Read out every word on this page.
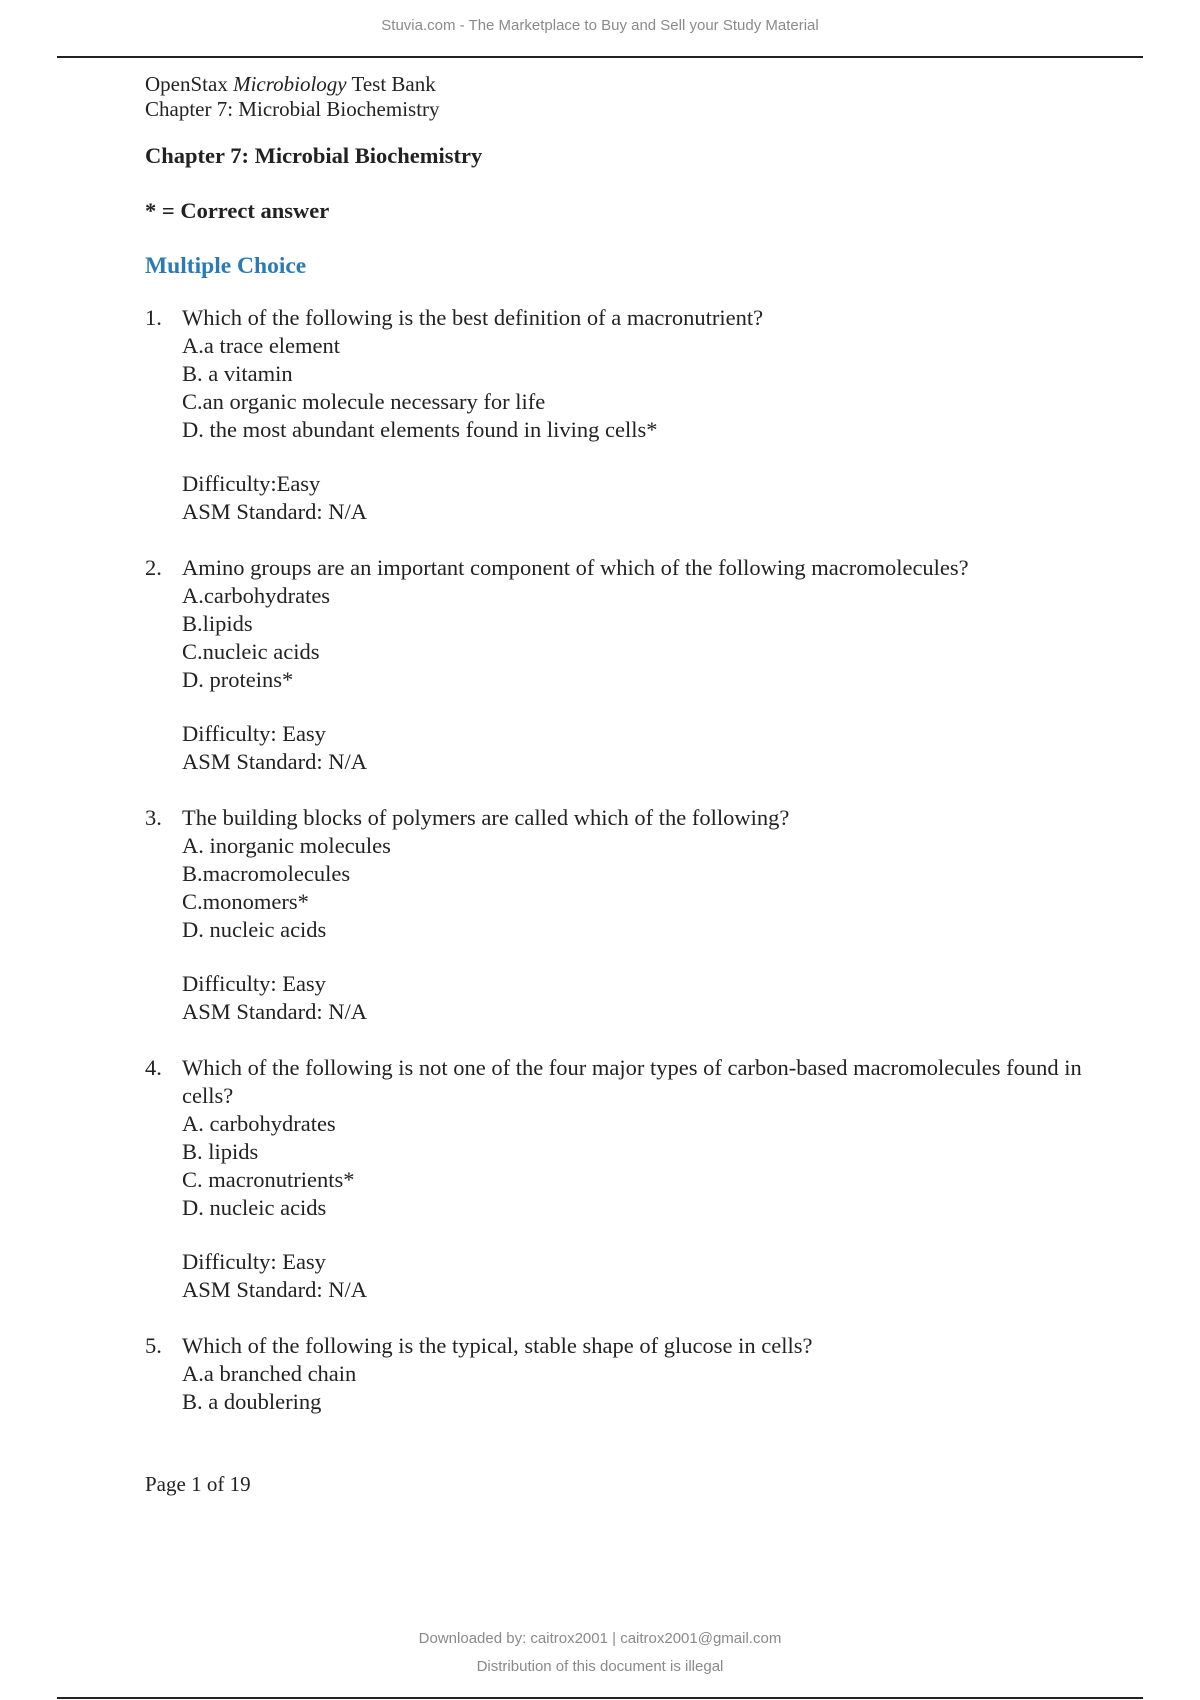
Stuvia.com - The Marketplace to Buy and Sell your Study Material
OpenStax Microbiology Test Bank
Chapter 7: Microbial Biochemistry
Chapter 7: Microbial Biochemistry
* = Correct answer
Multiple Choice
1. Which of the following is the best definition of a macronutrient?
A.a trace element
B. a vitamin
C.an organic molecule necessary for life
D. the most abundant elements found in living cells*
Difficulty:Easy
ASM Standard: N/A
2. Amino groups are an important component of which of the following macromolecules?
A.carbohydrates
B.lipids
C.nucleic acids
D. proteins*
Difficulty: Easy
ASM Standard: N/A
3. The building blocks of polymers are called which of the following?
A. inorganic molecules
B.macromolecules
C.monomers*
D. nucleic acids
Difficulty: Easy
ASM Standard: N/A
4. Which of the following is not one of the four major types of carbon-based macromolecules found in cells?
A. carbohydrates
B. lipids
C. macronutrients*
D. nucleic acids
Difficulty: Easy
ASM Standard: N/A
5. Which of the following is the typical, stable shape of glucose in cells?
A.a branched chain
B. a doublering
Page 1 of 19
Downloaded by: caitrox2001 | caitrox2001@gmail.com
Distribution of this document is illegal
